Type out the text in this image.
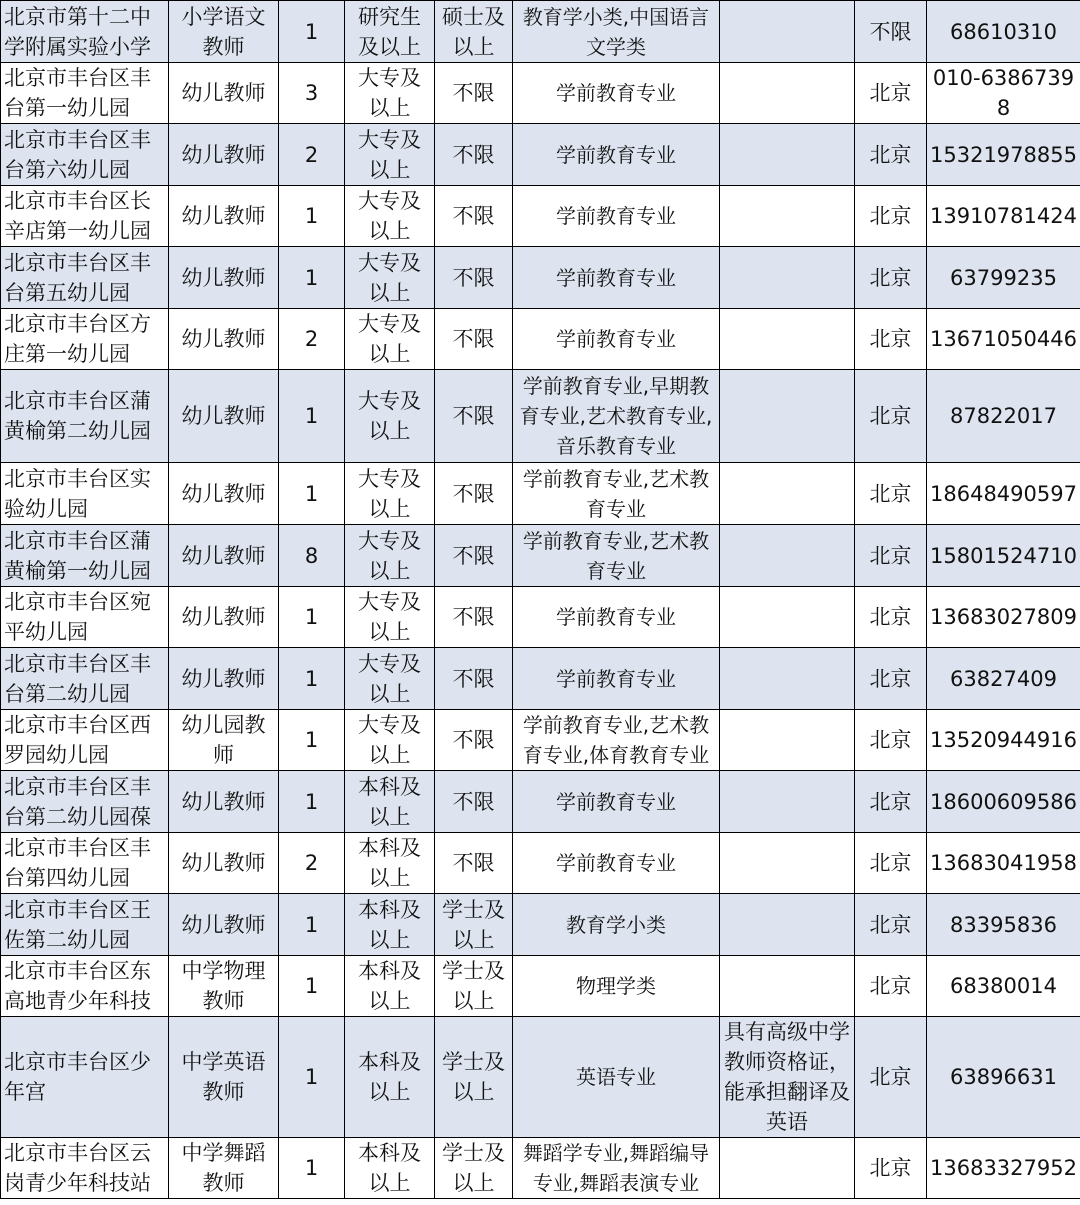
北京市第十二中学附属实验小学	小学语文教师	1	研究生及以上	硕士及以上	教育学小类,中国语言文学类		不限	68610310
北京市丰台区丰台第一幼儿园	幼儿教师	3	大专及以上	不限	学前教育专业		北京	010-63867398
北京市丰台区丰台第六幼儿园	幼儿教师	2	大专及以上	不限	学前教育专业		北京	15321978855
北京市丰台区长辛店第一幼儿园	幼儿教师	1	大专及以上	不限	学前教育专业		北京	13910781424
北京市丰台区丰台第五幼儿园	幼儿教师	1	大专及以上	不限	学前教育专业		北京	63799235
北京市丰台区方庄第一幼儿园	幼儿教师	2	大专及以上	不限	学前教育专业		北京	13671050446
北京市丰台区蒲黄榆第二幼儿园	幼儿教师	1	大专及以上	不限	学前教育专业,早期教育专业,艺术教育专业,音乐教育专业		北京	87822017
北京市丰台区实验幼儿园	幼儿教师	1	大专及以上	不限	学前教育专业,艺术教育专业		北京	18648490597
北京市丰台区蒲黄榆第一幼儿园	幼儿教师	8	大专及以上	不限	学前教育专业,艺术教育专业		北京	15801524710
北京市丰台区宛平幼儿园	幼儿教师	1	大专及以上	不限	学前教育专业		北京	13683027809
北京市丰台区丰台第二幼儿园	幼儿教师	1	大专及以上	不限	学前教育专业		北京	63827409
北京市丰台区西罗园幼儿园	幼儿园教师	1	大专及以上	不限	学前教育专业,艺术教育专业,体育教育专业		北京	13520944916
北京市丰台区丰台第二幼儿园葆	幼儿教师	1	本科及以上	不限	学前教育专业		北京	18600609586
北京市丰台区丰台第四幼儿园	幼儿教师	2	本科及以上	不限	学前教育专业		北京	13683041958
北京市丰台区王佐第二幼儿园	幼儿教师	1	本科及以上	学士及以上	教育学小类		北京	83395836
北京市丰台区东高地青少年科技	中学物理教师	1	本科及以上	学士及以上	物理学类		北京	68380014
北京市丰台区少年宫	中学英语教师	1	本科及以上	学士及以上	英语专业	具有高级中学教师资格证，能承担翻译及英语	北京	63896631
北京市丰台区云岗青少年科技站	中学舞蹈教师	1	本科及以上	学士及以上	舞蹈学专业,舞蹈编导专业,舞蹈表演专业		北京	13683327952
